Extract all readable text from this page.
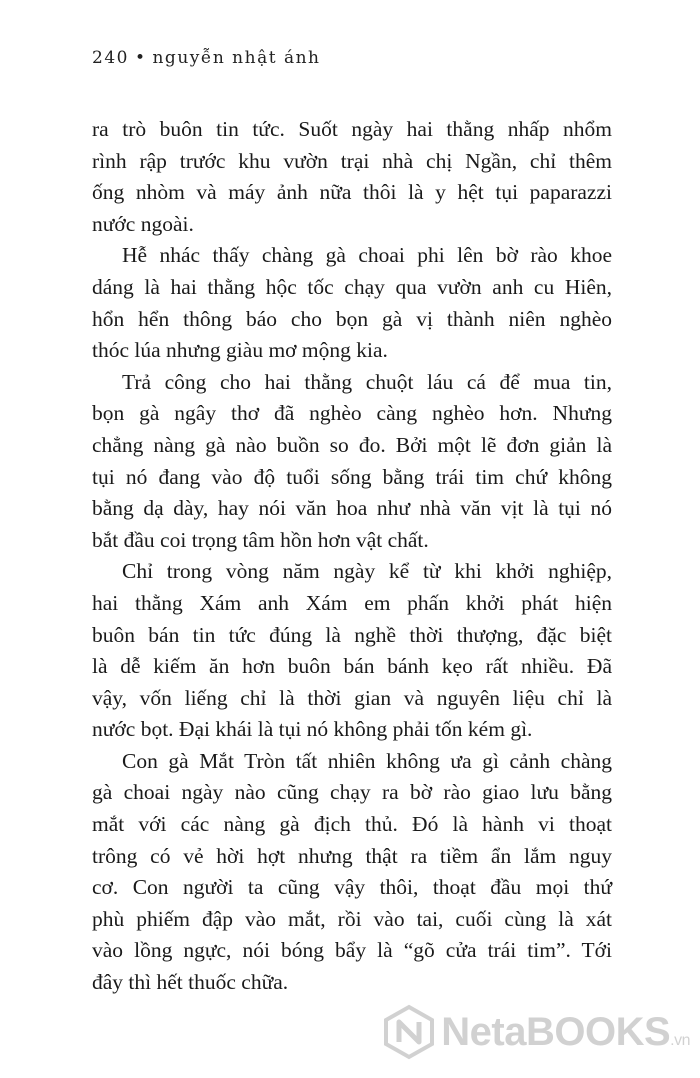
240 • nguyễn nhật ánh
ra trò buôn tin tức. Suốt ngày hai thằng nhấp nhổm
rình rập trước khu vườn trại nhà chị Ngần, chỉ thêm
ống nhòm và máy ảnh nữa thôi là y hệt tụi paparazzi
nước ngoài.
Hễ nhác thấy chàng gà choai phi lên bờ rào khoe
dáng là hai thằng hộc tốc chạy qua vườn anh cu Hiên,
hổn hển thông báo cho bọn gà vị thành niên nghèo
thóc lúa nhưng giàu mơ mộng kia.
Trả công cho hai thằng chuột láu cá để mua tin,
bọn gà ngây thơ đã nghèo càng nghèo hơn. Nhưng
chẳng nàng gà nào buồn so đo. Bởi một lẽ đơn giản là
tụi nó đang vào độ tuổi sống bằng trái tim chứ không
bằng dạ dày, hay nói văn hoa như nhà văn vịt là tụi nó
bắt đầu coi trọng tâm hồn hơn vật chất.
Chỉ trong vòng năm ngày kể từ khi khởi nghiệp,
hai thằng Xám anh Xám em phấn khởi phát hiện
buôn bán tin tức đúng là nghề thời thượng, đặc biệt
là dễ kiếm ăn hơn buôn bán bánh kẹo rất nhiều. Đã
vậy, vốn liếng chỉ là thời gian và nguyên liệu chỉ là
nước bọt. Đại khái là tụi nó không phải tốn kém gì.
Con gà Mắt Tròn tất nhiên không ưa gì cảnh chàng
gà choai ngày nào cũng chạy ra bờ rào giao lưu bằng
mắt với các nàng gà địch thủ. Đó là hành vi thoạt
trông có vẻ hời hợt nhưng thật ra tiềm ẩn lắm nguy
cơ. Con người ta cũng vậy thôi, thoạt đầu mọi thứ
phù phiếm đập vào mắt, rồi vào tai, cuối cùng là xát
vào lồng ngực, nói bóng bẩy là “gõ cửa trái tim”. Tới
đây thì hết thuốc chữa.
NetaBOOKS.vn
